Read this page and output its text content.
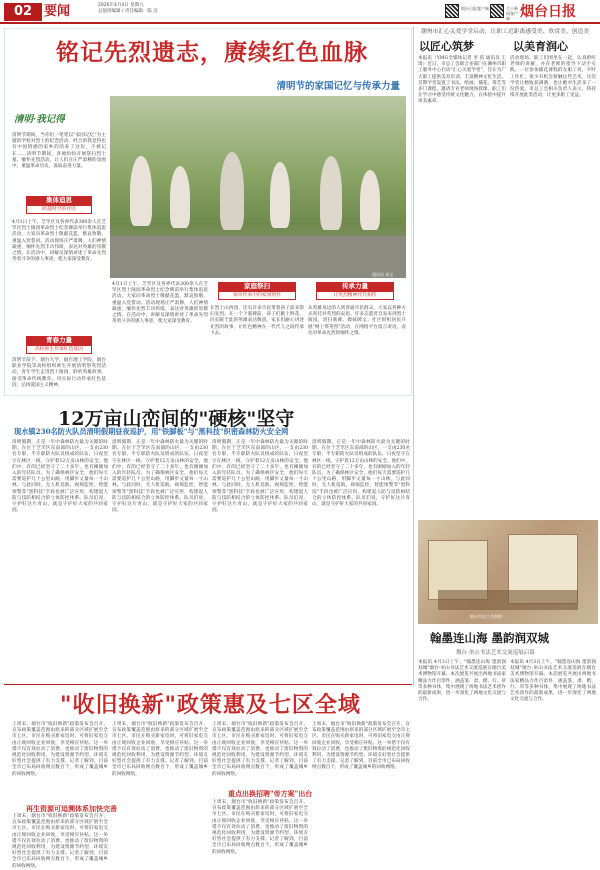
02 要闻	2026年4月4日 星期六
总值班编辑 / 责任编辑：陈 洁
烟台日报客户端	大小新闻客户端 烟台日报
铭记先烈遗志，赓续红色血脉
清明节的家国记忆与传承力量
清明·我记得
清明节期间，当你们一笔笔以"家国记忆"为主题的学校对烈士的纪念活动，经合的我觉得也有中国情感的家乡的的来了这份，不被记在……清明节期间，各地纷纷开展祭扫烈士墓、缅怀先烈活动，让人们在庄严肃穆的氛围中，重温革命历史，汲取奋进力量。
集体追思
跨越时空的对话
4月1日上午，芝罘区及各界代表300余人在芝罘区烈士陵园革命烈士纪念碑前举行集体追思活动。大家向革命烈士敬献花篮，默哀致敬，重温入党誓词。活动现场庄严肃穆，人们神情凝重，缅怀先烈丰功伟绩，表达对英雄的崇敬之情。在活动中，讲解员深情讲述了革命先烈英勇斗争的感人事迹，使大家深受教育。
青春力量
高校师生传承红色基因
清明节前夕，烟台大学、烟台理工学院、烟台职业学院等高校组织师生开展清明祭英烈活动，青年学生走进烈士陵园，聆听英雄故事，接受革命传统教育，用实际行动传承红色基因，弘扬爱国主义精神。
通讯员 张宝
4月1日上午，芝罘区及各界代表300余人在芝罘区烈士陵园革命烈士纪念碑前举行集体追思活动。大家向革命烈士敬献花篮，默哀致敬，重温入党誓词。活动现场庄严肃穆，人们神情凝重，缅怀先烈丰功伟绩，表达对英雄的崇敬之情。在活动中，讲解员深情讲述了革命先烈英勇斗争的感人事迹，使大家深受教育。
家庭祭扫
家风传承中的家国情怀
在烈士山西园，还有许多市民带着孩子前来祭扫先烈。在一个个墓碑前，孩子们献上鲜花，向长眠于此的英雄表达敬意。家长们耐心讲述先烈的故事，让红色精神在一代代人之间传承下去。
传承力量
让英烈精神代代相传
从英雄身边的人到普通市民群众，大家以各种方式寄托对英烈的哀思。许多志愿者自发来到烈士陵园，清扫墓碑、擦拭碑文；社区组织居民开展"网上祭英烈"活动，在网络平台留言寄语，表达对革命先烈的缅怀之情。
12万亩山峦间的"硬核"坚守
现水镇230名防火队员清明假期昼夜巡护，用"铁脚板"与"黑科技"织密森林防火安全网
清明假期，正是一年中森林防火最为关键的时期。在位于芝罘区东南部的山区，一支由230名专职、半专职防火队员组成的队伍，日夜坚守在林区一线，守护着12万亩山林的安全。他们中，有的已经坚守了二十多年，也有刚刚加入的年轻队员。为了确保林区安全，他们每天需要巡护几十公里山路，用脚步丈量每一寸山林。与此同时，无人机巡航、视频监控、智能预警等"黑科技"手段也被广泛应用，构建起人防与技防相结合的立体防控体系。队员们说，守护好这片青山，就是守护好大家的共同家园。
清明假期，正是一年中森林防火最为关键的时期。在位于芝罘区东南部的山区，一支由230名专职、半专职防火队员组成的队伍，日夜坚守在林区一线，守护着12万亩山林的安全。他们中，有的已经坚守了二十多年，也有刚刚加入的年轻队员。为了确保林区安全，他们每天需要巡护几十公里山路，用脚步丈量每一寸山林。与此同时，无人机巡航、视频监控、智能预警等"黑科技"手段也被广泛应用，构建起人防与技防相结合的立体防控体系。队员们说，守护好这片青山，就是守护好大家的共同家园。
清明假期，正是一年中森林防火最为关键的时期。在位于芝罘区东南部的山区，一支由230名专职、半专职防火队员组成的队伍，日夜坚守在林区一线，守护着12万亩山林的安全。他们中，有的已经坚守了二十多年，也有刚刚加入的年轻队员。为了确保林区安全，他们每天需要巡护几十公里山路，用脚步丈量每一寸山林。与此同时，无人机巡航、视频监控、智能预警等"黑科技"手段也被广泛应用，构建起人防与技防相结合的立体防控体系。队员们说，守护好这片青山，就是守护好大家的共同家园。
清明假期，正是一年中森林防火最为关键的时期。在位于芝罘区东南部的山区，一支由230名专职、半专职防火队员组成的队伍，日夜坚守在林区一线，守护着12万亩山林的安全。他们中，有的已经坚守了二十多年，也有刚刚加入的年轻队员。为了确保林区安全，他们每天需要巡护几十公里山路，用脚步丈量每一寸山林。与此同时，无人机巡航、视频监控、智能预警等"黑科技"手段也被广泛应用，构建起人防与技防相结合的立体防控体系。队员们说，守护好这片青山，就是守护好大家的共同家园。
潮州市汇心关爱学堂启动，让职工近距离感受美、欣赏美、创造美
以匠心筑梦	以美育润心
本报讯（YMG全媒体记者 李 蓓 通讯员 王 琦）近日，市总工会联合多部门在潮州市职工服务中心启动"汇心关爱学堂"，旨在为广大职工提供美育培训，丰富精神文化生活。首期学堂设置了书法、绘画、插花、茶艺等多门课程，邀请专业老师现场授课，职工们在学习中感受传统文化魅力，在体验中提升审美素养。
活动现场，职工们围坐在一起，认真聆听老师的讲解，并在老师的指导下动手实践。一位参加插花课程的女职工说，平时工作忙，很少有机会接触这些艺术，这次学堂让她收获满满，也让她对生活多了一份热爱。市总工会相关负责人表示，将持续开展此类活动，让更多职工受益。
烟台市总工会供图
翰墨连山海 墨韵润双城
烟台·巫山书法艺术交流巡展启幕
本报讯 4月3日上午，"翰墨连山海 墨韵润双城"烟台·巫山书法艺术交流巡展在烟台美术博物馆开幕。本次展览共展出两地书法家精品力作百余件，涵盖篆、隶、楷、行、草等多种书体，集中展现了两地书法艺术创作的最新成果，进一步深化了两地文化交流与合作。
本报讯 4月3日上午，"翰墨连山海 墨韵润双城"烟台·巫山书法艺术交流巡展在烟台美术博物馆开幕。本次展览共展出两地书法家精品力作百余件，涵盖篆、隶、楷、行、草等多种书体，集中展现了两地书法艺术创作的最新成果，进一步深化了两地文化交流与合作。
"收旧换新"政策惠及七区全域
上周末，烟台市"收旧换新"政策发布会召开，宣布政策覆盖范围由原来的部分区域扩展至全市七区。市民在购买新家电时，可将旧家电交由正规回收企业回收，享受相应补贴。这一举措不仅有效拉动了消费，也推动了废旧物资的规范化回收利用，为建设资源节约型、环境友好型社会提供了有力支撑。记者了解到，目前全市已布局回收网点数百个，形成了覆盖城乡的回收网络。
再生资源可追溯体系加快完善
上周末，烟台市"收旧换新"政策发布会召开，宣布政策覆盖范围由原来的部分区域扩展至全市七区。市民在购买新家电时，可将旧家电交由正规回收企业回收，享受相应补贴。这一举措不仅有效拉动了消费，也推动了废旧物资的规范化回收利用，为建设资源节约型、环境友好型社会提供了有力支撑。记者了解到，目前全市已布局回收网点数百个，形成了覆盖城乡的回收网络。
上周末，烟台市"收旧换新"政策发布会召开，宣布政策覆盖范围由原来的部分区域扩展至全市七区。市民在购买新家电时，可将旧家电交由正规回收企业回收，享受相应补贴。这一举措不仅有效拉动了消费，也推动了废旧物资的规范化回收利用，为建设资源节约型、环境友好型社会提供了有力支撑。记者了解到，目前全市已布局回收网点数百个，形成了覆盖城乡的回收网络。
重点出换招聘"帝方案"出台
上周末，烟台市"收旧换新"政策发布会召开，宣布政策覆盖范围由原来的部分区域扩展至全市七区。市民在购买新家电时，可将旧家电交由正规回收企业回收，享受相应补贴。这一举措不仅有效拉动了消费，也推动了废旧物资的规范化回收利用，为建设资源节约型、环境友好型社会提供了有力支撑。记者了解到，目前全市已布局回收网点数百个，形成了覆盖城乡的回收网络。
上周末，烟台市"收旧换新"政策发布会召开，宣布政策覆盖范围由原来的部分区域扩展至全市七区。市民在购买新家电时，可将旧家电交由正规回收企业回收，享受相应补贴。这一举措不仅有效拉动了消费，也推动了废旧物资的规范化回收利用，为建设资源节约型、环境友好型社会提供了有力支撑。记者了解到，目前全市已布局回收网点数百个，形成了覆盖城乡的回收网络。
上周末，烟台市"收旧换新"政策发布会召开，宣布政策覆盖范围由原来的部分区域扩展至全市七区。市民在购买新家电时，可将旧家电交由正规回收企业回收，享受相应补贴。这一举措不仅有效拉动了消费，也推动了废旧物资的规范化回收利用，为建设资源节约型、环境友好型社会提供了有力支撑。记者了解到，目前全市已布局回收网点数百个，形成了覆盖城乡的回收网络。
